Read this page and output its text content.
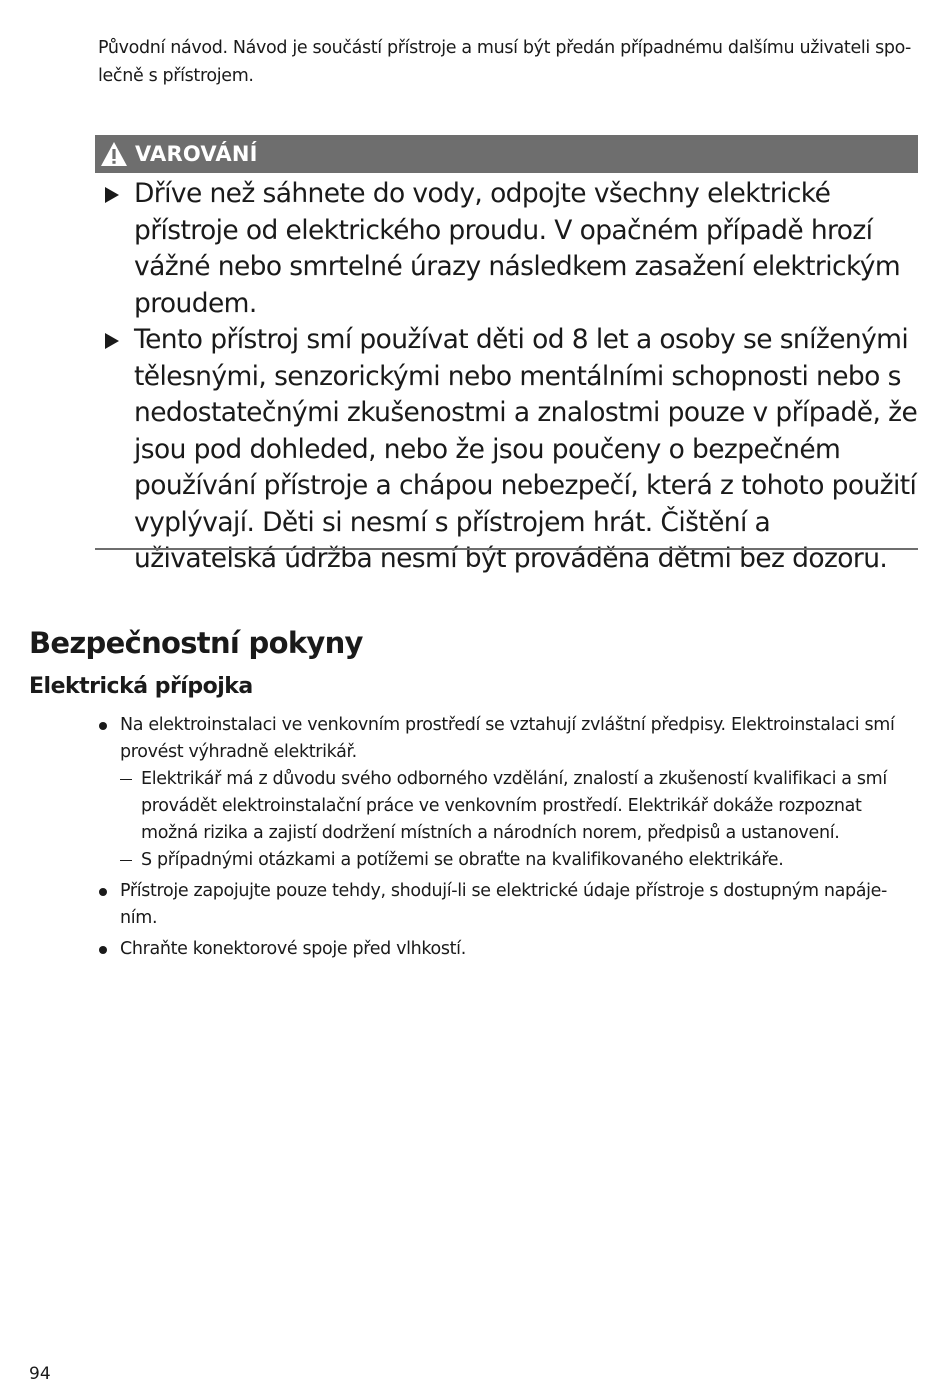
Původní návod. Návod je součástí přístroje a musí být předán případnému dalšímu uživateli společně s přístrojem.

VAROVÁNÍ
Dříve než sáhnete do vody, odpojte všechny elektrické přístroje od elektrického proudu. V opačném případě hrozí vážné nebo smrtelné úrazy následkem zasažení elektrickým proudem.
Tento přístroj smí používat děti od 8 let a osoby se sníženými tělesnými, senzorickými nebo mentálními schopnosti nebo s nedostatečnými zkušenostmi a znalostmi pouze v případě, že jsou pod dohleded, nebo že jsou poučeny o bezpečném používání přístroje a chápou nebezpečí, která z tohoto použití vyplývají. Děti si nesmí s přístrojem hrát. Čištění a uživatelská údržba nesmí být prováděna dětmi bez dozoru.
Bezpečnostní pokyny
Elektrická přípojka
Na elektroinstalaci ve venkovním prostředí se vztahují zvláštní předpisy. Elektroinstalaci smí provést výhradně elektrikář.
Elektrikář má z důvodu svého odborného vzdělání, znalostí a zkušeností kvalifikaci a smí provádět elektroinstalační práce ve venkovním prostředí. Elektrikář dokáže rozpoznat možná rizika a zajistí dodržení místních a národních norem, předpisů a ustanovení.
S případnými otázkami a potížemi se obraťte na kvalifikovaného elektrikáře.
Přístroje zapojujte pouze tehdy, shodují-li se elektrické údaje přístroje s dostupným napájením.
Chraňte konektorové spoje před vlhkostí.

94
